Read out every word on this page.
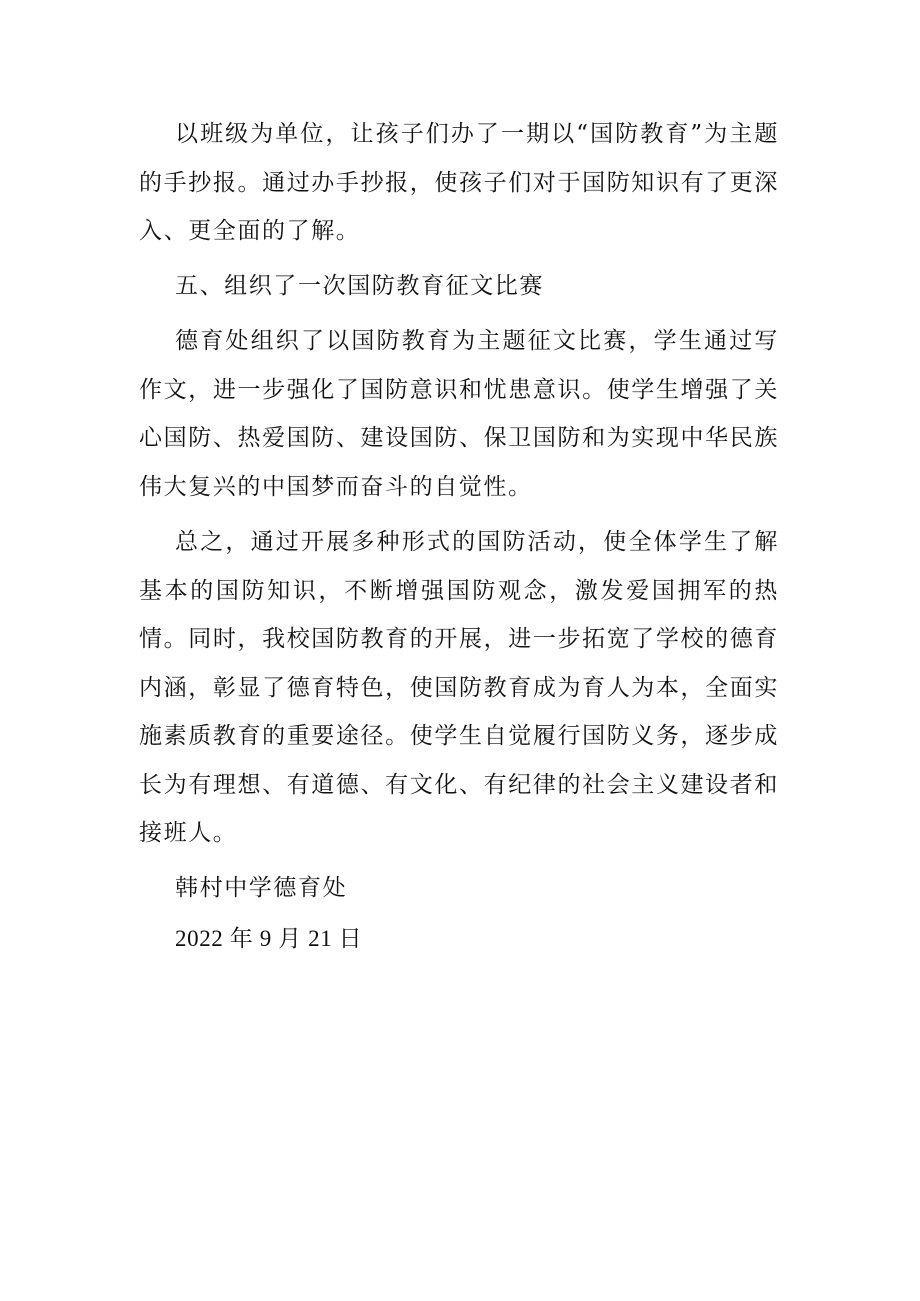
以班级为单位，让孩子们办了一期以“国防教育”为主题的手抄报。通过办手抄报，使孩子们对于国防知识有了更深入、更全面的了解。

五、组织了一次国防教育征文比赛

德育处组织了以国防教育为主题征文比赛，学生通过写作文，进一步强化了国防意识和忧患意识。使学生增强了关心国防、热爱国防、建设国防、保卫国防和为实现中华民族伟大复兴的中国梦而奋斗的自觉性。

总之，通过开展多种形式的国防活动，使全体学生了解基本的国防知识，不断增强国防观念，激发爱国拥军的热情。同时，我校国防教育的开展，进一步拓宽了学校的德育内涵，彰显了德育特色，使国防教育成为育人为本，全面实施素质教育的重要途径。使学生自觉履行国防义务，逐步成长为有理想、有道德、有文化、有纪律的社会主义建设者和接班人。

韩村中学德育处

2022 年 9 月 21 日
